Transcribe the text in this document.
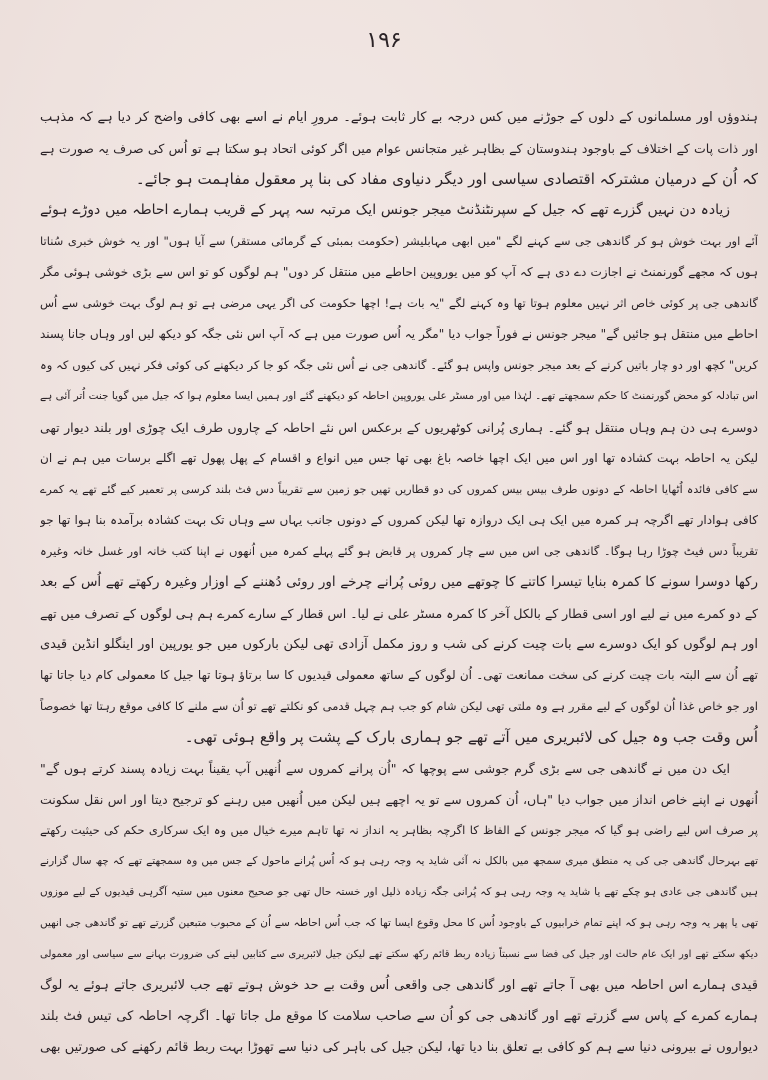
۱۹۶
ہندوؤں اور مسلمانوں کے دلوں کے جوڑنے میں کس درجہ بے کار ثابت ہوئے۔ مرورِ ایام نے اسے بھی کافی واضح کر دیا ہے کہ مذہب
اور ذات پات کے اختلاف کے باوجود ہندوستان کے بظاہر غیر متجانس عوام میں اگر کوئی اتحاد ہو سکتا ہے تو اُس کی صرف یہ صورت ہے
کہ اُن کے درمیان مشترکہ اقتصادی سیاسی اور دیگر دنیاوی مفاد کی بنا پر معقول مفاہمت ہو جائے۔
زیادہ دن نہیں گزرے تھے کہ جیل کے سپرنٹنڈنٹ میجر جونس ایک مرتبہ سہ پہر کے قریب ہمارے احاطہ میں دوڑے ہوئے
آئے اور بہت خوش ہو کر گاندھی جی سے کہنے لگے "میں ابھی مہابلیشر (حکومت بمبئی کے گرمائی مستقر) سے آیا ہوں" اور یہ خوش خبری سُناتا
ہوں کہ مجھے گورنمنٹ نے اجازت دے دی ہے کہ آپ کو میں یوروپین احاطے میں منتقل کر دوں" ہم لوگوں کو تو اس سے بڑی خوشی ہوئی مگر
گاندھی جی پر کوئی خاص اثر نہیں معلوم ہوتا تھا وہ کہنے لگے "یہ بات ہے! اچھا حکومت کی اگر یہی مرضی ہے تو ہم لوگ بہت خوشی سے اُس
احاطے میں منتقل ہو جائیں گے" میجر جونس نے فوراً جواب دیا "مگر یہ اُس صورت میں ہے کہ آپ اس نئی جگہ کو دیکھ لیں اور وہاں جانا پسند
کریں" کچھ اور دو چار باتیں کرنے کے بعد میجر جونس واپس ہو گئے۔ گاندھی جی نے اُس نئی جگہ کو جا کر دیکھنے کی کوئی فکر نہیں کی کیوں کہ وہ
اس تبادلہ کو محض گورنمنٹ کا حکم سمجھتے تھے۔ لہٰذا میں اور مسٹر علی یوروپین احاطہ کو دیکھنے گئے اور ہمیں ایسا معلوم ہوا کہ جیل میں گویا جنت اُتر آئی ہے
دوسرے ہی دن ہم وہاں منتقل ہو گئے۔ ہماری پُرانی کوٹھریوں کے برعکس اس نئے احاطہ کے چاروں طرف ایک چوڑی اور بلند دیوار تھی
لیکن یہ احاطہ بہت کشادہ تھا اور اس میں ایک اچھا خاصہ باغ بھی تھا جس میں انواع و اقسام کے پھل پھول تھے اگلے برسات میں ہم نے ان
سے کافی فائدہ اُٹھایا احاطہ کے دونوں طرف بیس بیس کمروں کی دو قطاریں تھیں جو زمین سے تقریباً دس فٹ بلند کرسی پر تعمیر کیے گئے تھے یہ کمرے
کافی ہوادار تھے اگرچہ ہر کمرہ میں ایک ہی ایک دروازہ تھا لیکن کمروں کے دونوں جانب یہاں سے وہاں تک بہت کشادہ برآمدہ بنا ہوا تھا جو
تقریباً دس فیٹ چوڑا رہا ہوگا۔ گاندھی جی اس میں سے چار کمروں پر قابض ہو گئے پہلے کمرہ میں اُنھوں نے اپنا کتب خانہ اور غسل خانہ وغیرہ
رکھا دوسرا سونے کا کمرہ بنایا تیسرا کاتنے کا چوتھے میں روئی پُرانے چرخے اور روئی دُھننے کے اوزار وغیرہ رکھتے تھے اُس کے بعد
کے دو کمرے میں نے لیے اور اسی قطار کے بالکل آخر کا کمرہ مسٹر علی نے لیا۔ اس قطار کے سارے کمرے ہم ہی لوگوں کے تصرف میں تھے
اور ہم لوگوں کو ایک دوسرے سے بات چیت کرنے کی شب و روز مکمل آزادی تھی لیکن بارکوں میں جو یورپین اور اینگلو انڈین قیدی
تھے اُن سے البتہ بات چیت کرنے کی سخت ممانعت تھی۔ اُن لوگوں کے ساتھ معمولی قیدیوں کا سا برتاؤ ہوتا تھا جیل کا معمولی کام دیا جاتا تھا
اور جو خاص غذا اُن لوگوں کے لیے مقرر ہے وہ ملتی تھی لیکن شام کو جب ہم چہل قدمی کو نکلتے تھے تو اُن سے ملنے کا کافی موقع رہتا تھا خصوصاً
اُس وقت جب وہ جیل کی لائبریری میں آتے تھے جو ہماری بارک کے پشت پر واقع ہوئی تھی۔
ایک دن میں نے گاندھی جی سے بڑی گرم جوشی سے پوچھا کہ "اُن پرانے کمروں سے اُنھیں آپ یقیناً بہت زیادہ پسند کرتے ہوں گے"
اُنھوں نے اپنے خاص انداز میں جواب دیا "ہاں، اُن کمروں سے تو یہ اچھے ہیں لیکن میں اُنھیں میں رہنے کو ترجیح دیتا اور اس نقل سکونت
پر صرف اس لیے راضی ہو گیا کہ میجر جونس کے الفاظ کا اگرچہ بظاہر یہ انداز نہ تھا تاہم میرے خیال میں وہ ایک سرکاری حکم کی حیثیت رکھتے
تھے بہرحال گاندھی جی کی یہ منطق میری سمجھ میں بالکل نہ آئی شاید یہ وجہ رہی ہو کہ اُس پُرانے ماحول کے جس میں وہ سمجھتے تھے کہ چھ سال گزارنے
ہیں گاندھی جی عادی ہو چکے تھے یا شاید یہ وجہ رہی ہو کہ پُرانی جگہ زیادہ ذلیل اور خستہ حال تھی جو صحیح معنوں میں ستیہ آگرہی قیدیوں کے لیے موزوں
تھی یا پھر یہ وجہ رہی ہو کہ اپنے تمام خرابیوں کے باوجود اُس کا محل وقوع ایسا تھا کہ جب اُس احاطہ سے اُن کے محبوب متبعین گزرتے تھے تو گاندھی جی انھیں
دیکھ سکتے تھے اور ایک عام حالت اور جیل کی فضا سے نسبتاً زیادہ ربط قائم رکھ سکتے تھے لیکن جیل لائبریری سے کتابیں لینے کی ضرورت بہانے سے سیاسی اور معمولی
قیدی ہمارے اس احاطہ میں بھی آ جاتے تھے اور گاندھی جی واقعی اُس وقت بے حد خوش ہوتے تھے جب لائبریری جاتے ہوئے یہ لوگ
ہمارے کمرے کے پاس سے گزرتے تھے اور گاندھی جی کو اُن سے صاحب سلامت کا موقع مل جاتا تھا۔ اگرچہ احاطہ کی تیس فٹ بلند
دیواروں نے بیرونی دنیا سے ہم کو کافی بے تعلق بنا دیا تھا، لیکن جیل کی باہر کی دنیا سے تھوڑا بہت ربط قائم رکھنے کی صورتیں بھی
